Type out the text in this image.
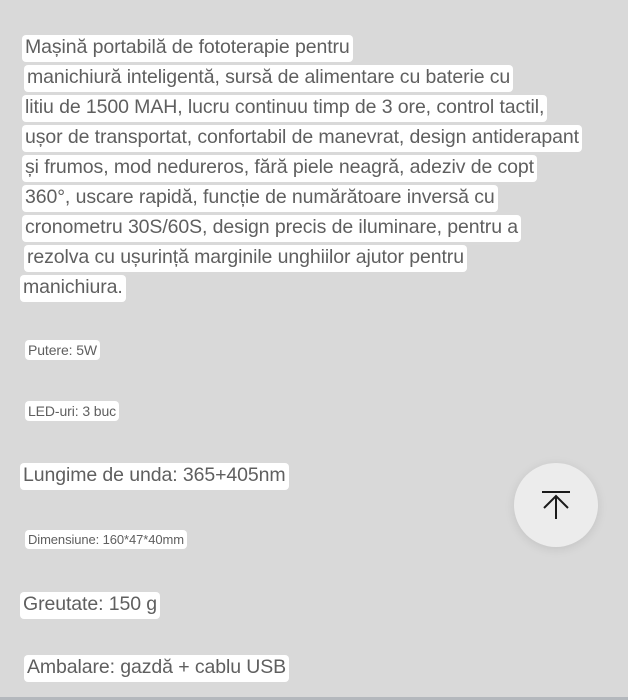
Mașină portabilă de fototerapie pentru
manichiură inteligentă, sursă de alimentare cu baterie cu
litiu de 1500 MAH, lucru continuu timp de 3 ore, control tactil,
ușor de transportat, confortabil de manevrat, design antiderapant
și frumos, mod nedureros, fără piele neagră, adeziv de copt
360°, uscare rapidă, funcție de numărătoare inversă cu
cronometru 30S/60S, design precis de iluminare, pentru a
rezolva cu ușurință marginile unghiilor ajutor pentru
manichiura.
Putere: 5W
LED-uri: 3 buc
Lungime de unda: 365+405nm
Dimensiune: 160*47*40mm
Greutate: 150 g
Ambalare: gazdă + cablu USB
